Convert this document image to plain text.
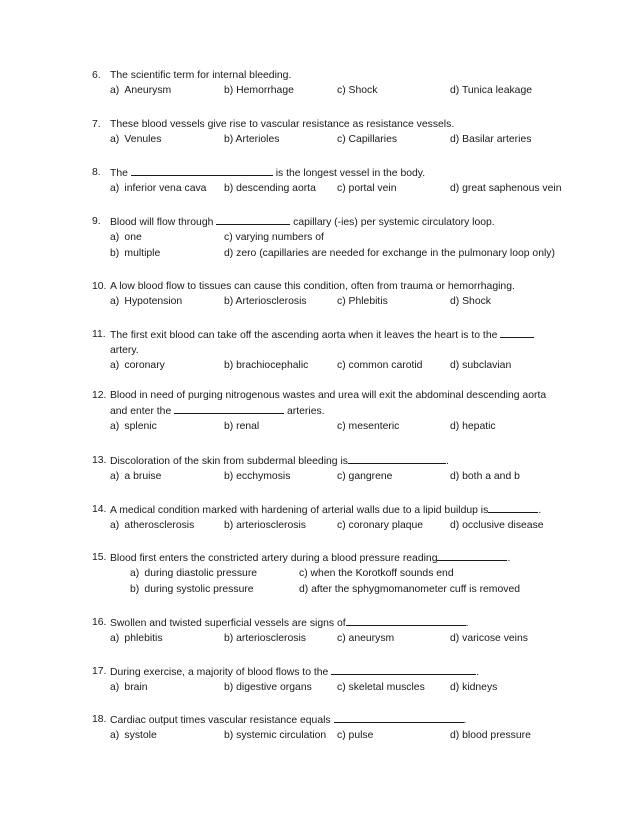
6. The scientific term for internal bleeding.
a) Aneurysm	b) Hemorrhage	c) Shock	d) Tunica leakage
7. These blood vessels give rise to vascular resistance as resistance vessels.
a) Venules	b) Arterioles	c) Capillaries	d) Basilar arteries
8. The	is the longest vessel in the body.
a) inferior vena cava b) descending aorta c) portal vein	d) great saphenous vein
9. Blood will flow through	capillary (-ies) per systemic circulatory loop.
a) one	c) varying numbers of
b) multiple	d) zero (capillaries are needed for exchange in the pulmonary loop only)
10. A low blood flow to tissues can cause this condition, often from trauma or hemorrhaging.
a) Hypotension	b) Arteriosclerosis	c) Phlebitis	d) Shock
11. The first exit blood can take off the ascending aorta when it leaves the heart is to the
artery.
a) coronary	b) brachiocephalic	c) common carotid	d) subclavian
12. Blood in need of purging nitrogenous wastes and urea will exit the abdominal descending aorta
and enter the	arteries.
a) splenic	b) renal	c) mesenteric	d) hepatic
13. Discoloration of the skin from subdermal bleeding is	.
a) a bruise	b) ecchymosis	c) gangrene	d) both a and b
14. A medical condition marked with hardening of arterial walls due to a lipid buildup is	.
a) atherosclerosis	b) arteriosclerosis	c) coronary plaque	d) occlusive disease
15. Blood first enters the constricted artery during a blood pressure reading	.
a) during diastolic pressure	c) when the Korotkoff sounds end
b) during systolic pressure	d) after the sphygmomanometer cuff is removed
16. Swollen and twisted superficial vessels are signs of	.
a) phlebitis	b) arteriosclerosis	c) aneurysm	d) varicose veins
17. During exercise, a majority of blood flows to the	.
a) brain	b) digestive organs c) skeletal muscles d) kidneys
18. Cardiac output times vascular resistance equals	.
a) systole	b) systemic circulation c) pulse	d) blood pressure
